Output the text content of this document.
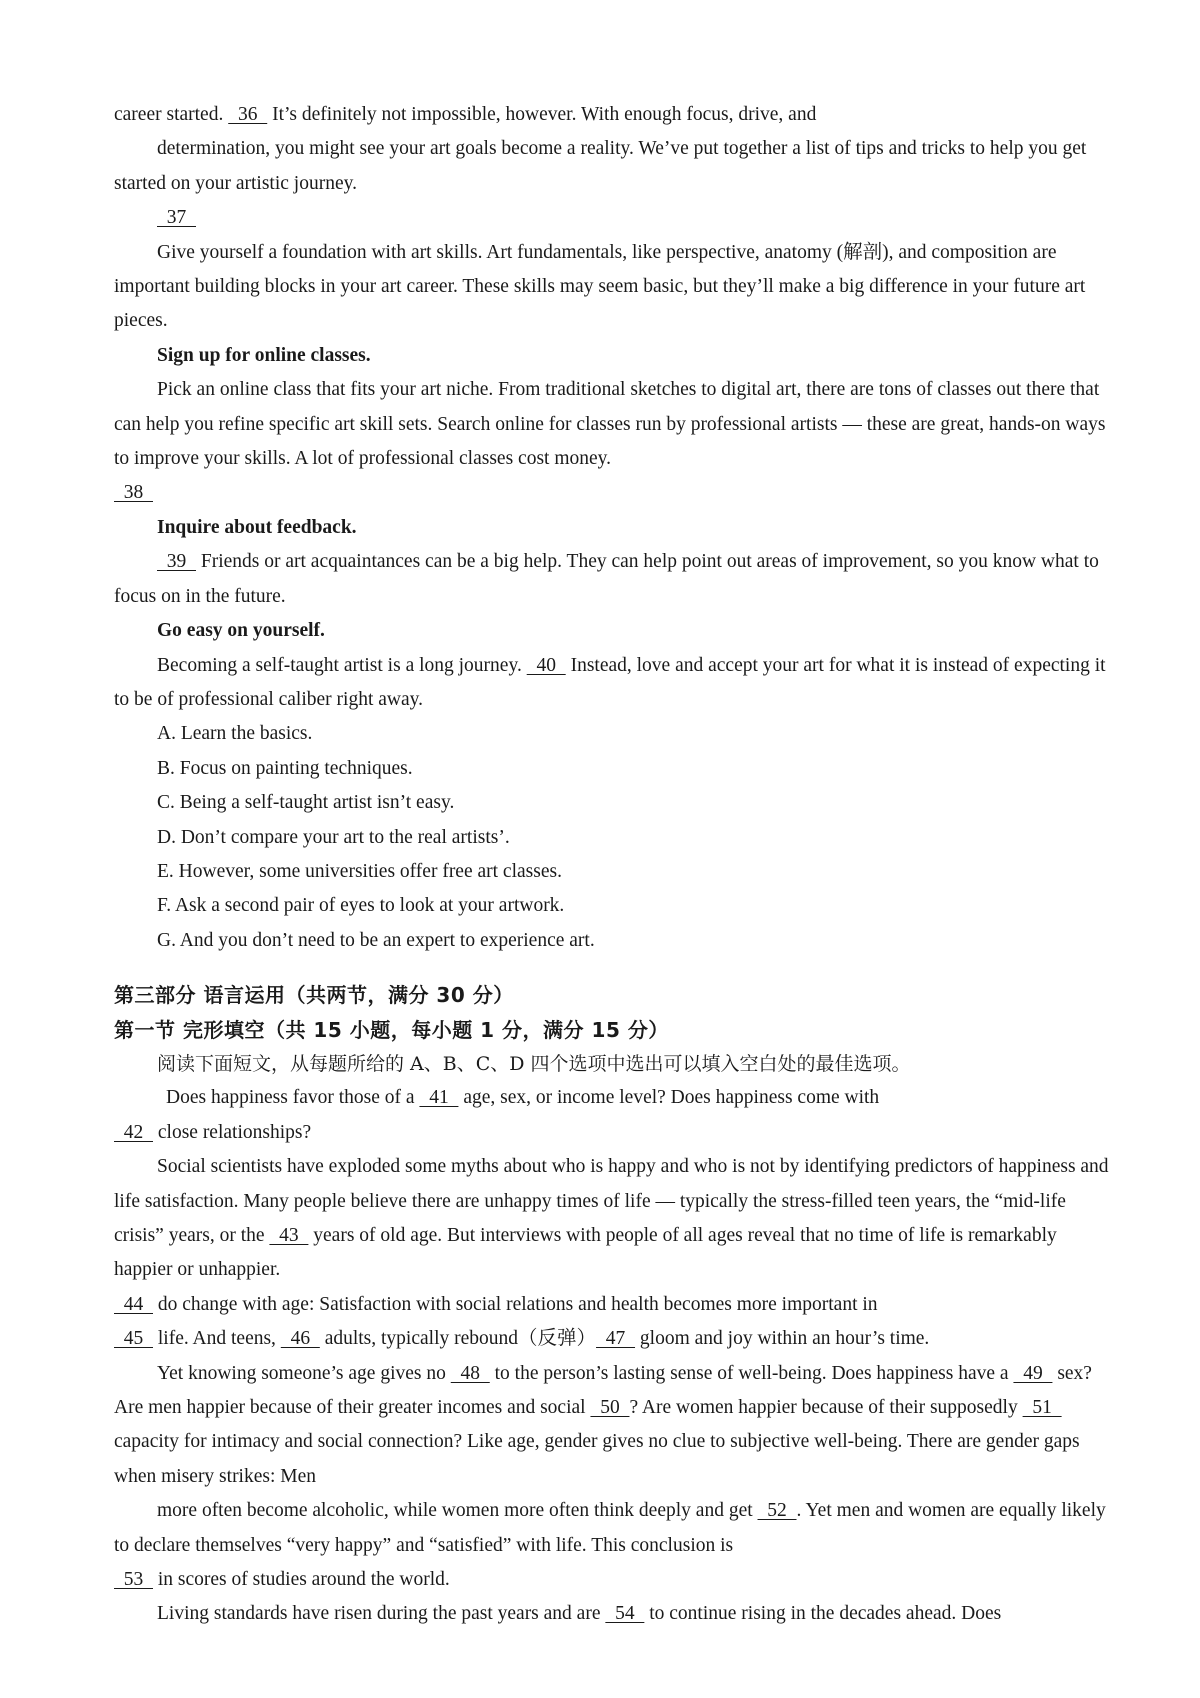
career started.   36   It’s definitely not impossible, however. With enough focus, drive, and

determination, you might see your art goals become a reality. We’ve put together a list of tips and tricks to help you get started on your artistic journey.

37

Give yourself a foundation with art skills. Art fundamentals, like perspective, anatomy (解剖), and composition are important building blocks in your art career. These skills may seem basic, but they’ll make a big difference in your future art pieces.

Sign up for online classes.

Pick an online class that fits your art niche. From traditional sketches to digital art, there are tons of classes out there that can help you refine specific art skill sets. Search online for classes run by professional artists — these are great, hands-on ways to improve your skills. A lot of professional classes cost money.

38

Inquire about feedback.

39   Friends or art acquaintances can be a big help. They can help point out areas of improvement, so you know what to focus on in the future.

Go easy on yourself.

Becoming a self-taught artist is a long journey.   40   Instead, love and accept your art for what it is instead of expecting it to be of professional caliber right away.

A. Learn the basics.

B. Focus on painting techniques.

C. Being a self-taught artist isn’t easy.

D. Don’t compare your art to the real artists’.

E. However, some universities offer free art classes.

F. Ask a second pair of eyes to look at your artwork.

G. And you don’t need to be an expert to experience art.

第三部分 语言运用（共两节，满分 30 分）

第一节 完形填空（共 15 小题，每小题 1 分，满分 15 分）

阅读下面短文，从每题所给的 A、B、C、D 四个选项中选出可以填入空白处的最佳选项。

Does happiness favor those of a   41   age, sex, or income level? Does happiness come with

42   close relationships?

Social scientists have exploded some myths about who is happy and who is not by identifying predictors of happiness and life satisfaction. Many people believe there are unhappy times of life — typically the stress-filled teen years, the “mid-life crisis” years, or the   43   years of old age. But interviews with people of all ages reveal that no time of life is remarkably happier or unhappier.

44   do change with age: Satisfaction with social relations and health becomes more important in

45   life. And teens,   46   adults, typically rebound（反弹）  47   gloom and joy within an hour’s time.

Yet knowing someone’s age gives no   48   to the person’s lasting sense of well-being. Does happiness have a   49   sex? Are men happier because of their greater incomes and social   50  ? Are women happier because of their supposedly   51   capacity for intimacy and social connection? Like age, gender gives no clue to subjective well-being. There are gender gaps when misery strikes: Men

more often become alcoholic, while women more often think deeply and get   52  . Yet men and women are equally likely to declare themselves “very happy” and “satisfied” with life. This conclusion is

53   in scores of studies around the world.

Living standards have risen during the past years and are   54   to continue rising in the decades ahead. Does
